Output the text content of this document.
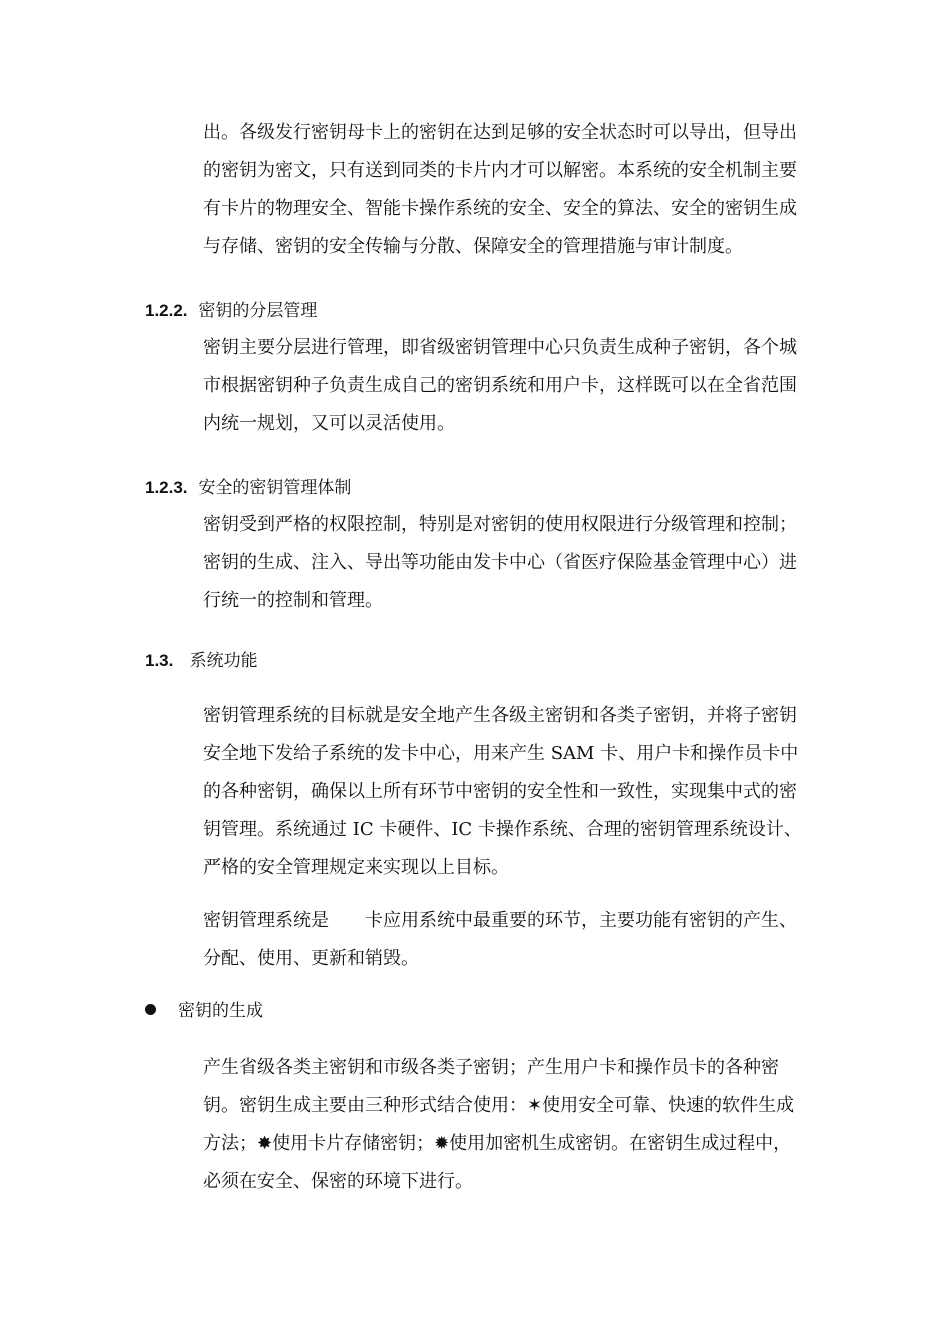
出。各级发行密钥母卡上的密钥在达到足够的安全状态时可以导出，但导出
的密钥为密文，只有送到同类的卡片内才可以解密。本系统的安全机制主要
有卡片的物理安全、智能卡操作系统的安全、安全的算法、安全的密钥生成
与存储、密钥的安全传输与分散、保障安全的管理措施与审计制度。
1.2.2. 密钥的分层管理
密钥主要分层进行管理，即省级密钥管理中心只负责生成种子密钥，各个城
市根据密钥种子负责生成自己的密钥系统和用户卡，这样既可以在全省范围
内统一规划，又可以灵活使用。
1.2.3. 安全的密钥管理体制
密钥受到严格的权限控制，特别是对密钥的使用权限进行分级管理和控制；
密钥的生成、注入、导出等功能由发卡中心（省医疗保险基金管理中心）进
行统一的控制和管理。
1.3. 系统功能
密钥管理系统的目标就是安全地产生各级主密钥和各类子密钥，并将子密钥
安全地下发给子系统的发卡中心，用来产生 SAM 卡、用户卡和操作员卡中
的各种密钥，确保以上所有环节中密钥的安全性和一致性，实现集中式的密
钥管理。系统通过 IC 卡硬件、IC 卡操作系统、合理的密钥管理系统设计、
严格的安全管理规定来实现以上目标。
密钥管理系统是　　卡应用系统中最重要的环节，主要功能有密钥的产生、
分配、使用、更新和销毁。
密钥的生成
产生省级各类主密钥和市级各类子密钥；产生用户卡和操作员卡的各种密
钥。密钥生成主要由三种形式结合使用：✶使用安全可靠、快速的软件生成
方法；✸使用卡片存储密钥；✹使用加密机生成密钥。在密钥生成过程中，
必须在安全、保密的环境下进行。
